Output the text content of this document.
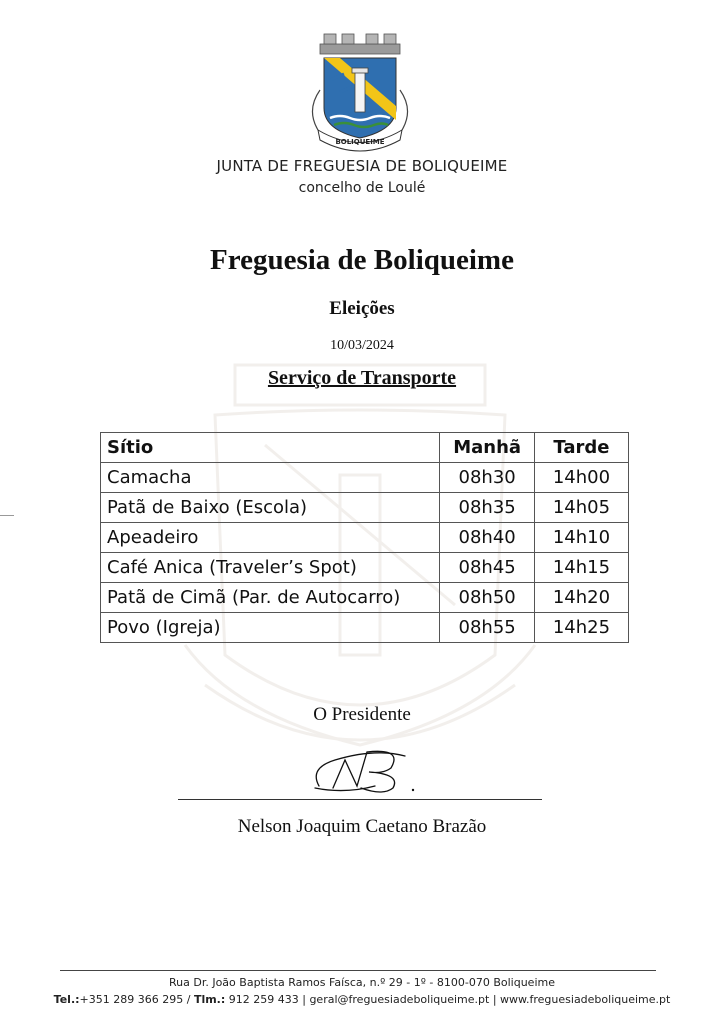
BOLIQUEIME
JUNTA DE FREGUESIA DE BOLIQUEIME
concelho de Loulé
Freguesia de Boliqueime
Eleições
10/03/2024
Serviço de Transporte
Sítio	Manhã	Tarde
Camacha	08h30	14h00
Patã de Baixo (Escola)	08h35	14h05
Apeadeiro	08h40	14h10
Café Anica (Traveler’s Spot)	08h45	14h15
Patã de Cimã (Par. de Autocarro)	08h50	14h20
Povo (Igreja)	08h55	14h25
O Presidente
Nelson Joaquim Caetano Brazão
Rua Dr. João Baptista Ramos Faísca, n.º 29 - 1º - 8100-070 Boliqueime
Tel.:+351 289 366 295 / Tlm.: 912 259 433 | geral@freguesiadeboliqueime.pt | www.freguesiadeboliqueime.pt
